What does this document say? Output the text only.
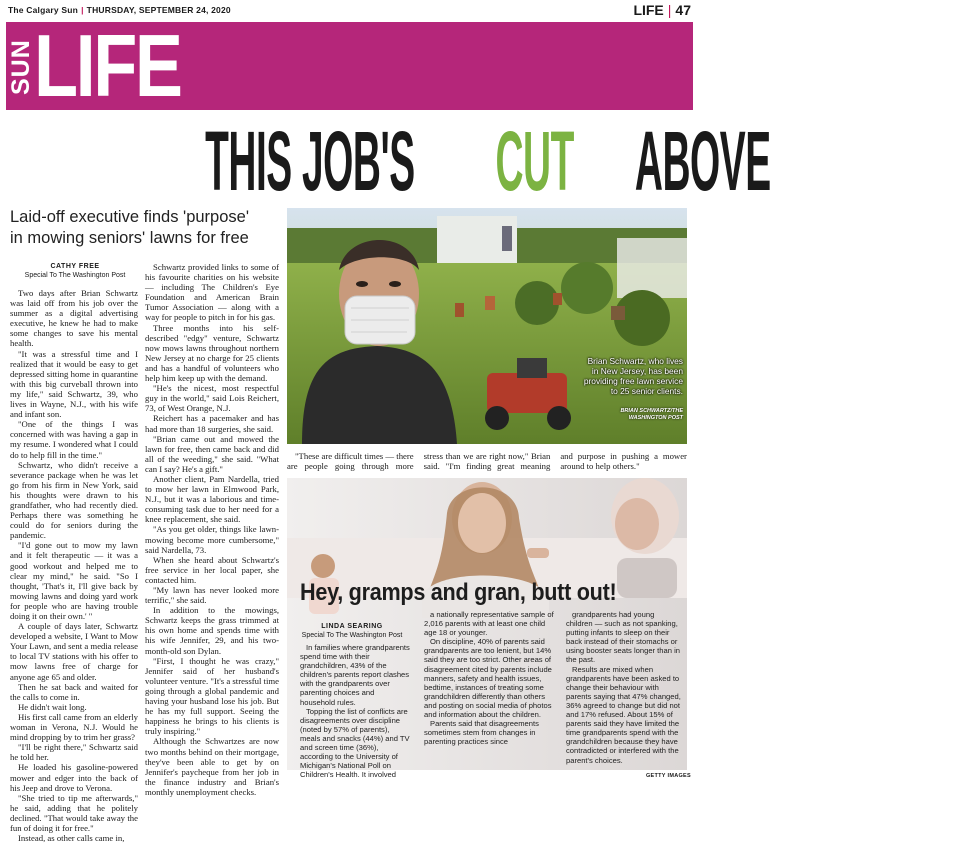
The Calgary Sun | THURSDAY, SEPTEMBER 24, 2020	LIFE | 47
SUN LIFE
THIS JOB'S CUT ABOVE
Laid-off executive finds 'purpose'
in mowing seniors' lawns for free
CATHY FREE
Special To The Washington Post

Two days after Brian Schwartz was laid off from his job over the summer as a digital advertising executive, he knew he had to make some changes to save his mental health.

"It was a stressful time and I realized that it would be easy to get depressed sitting home in quarantine with this big curveball thrown into my life," said Schwartz, 39, who lives in Wayne, N.J., with his wife and infant son.

"One of the things I was concerned with was having a gap in my resume. I wondered what I could do to help fill in the time."

Schwartz, who didn't receive a severance package when he was let go from his firm in New York, said his thoughts were drawn to his grandfather, who had recently died. Perhaps there was something he could do for seniors during the pandemic.

"I'd gone out to mow my lawn and it felt therapeutic — it was a good workout and helped me to clear my mind," he said. "So I thought, 'That's it, I'll give back by mowing lawns and doing yard work for people who are having trouble doing it on their own.' "

A couple of days later, Schwartz developed a website, I Want to Mow Your Lawn, and sent a media release to local TV stations with his offer to mow lawns free of charge for anyone age 65 and older.

Then he sat back and waited for the calls to come in.

He didn't wait long.

His first call came from an elderly woman in Verona, N.J. Would he mind dropping by to trim her grass?

"I'll be right there," Schwartz said he told her.

He loaded his gasoline-powered mower and edger into the back of his Jeep and drove to Verona.

"She tried to tip me afterwards," he said, adding that he politely declined. "That would take away the fun of doing it for free."

Instead, as other calls came in,

Schwartz provided links to some of his favourite charities on his website — including The Children's Eye Foundation and American Brain Tumor Association — along with a way for people to pitch in for his gas.

Three months into his self-described "edgy" venture, Schwartz now mows lawns throughout northern New Jersey at no charge for 25 clients and has a handful of volunteers who help him keep up with the demand.

"He's the nicest, most respectful guy in the world," said Lois Reichert, 73, of West Orange, N.J.

Reichert has a pacemaker and has had more than 18 surgeries, she said.

"Brian came out and mowed the lawn for free, then came back and did all of the weeding," she said. "What can I say? He's a gift."

Another client, Pam Nardella, tried to mow her lawn in Elmwood Park, N.J., but it was a laborious and time-consuming task due to her need for a knee replacement, she said.

"As you get older, things like lawn-mowing become more cumbersome," said Nardella, 73.

When she heard about Schwartz's free service in her local paper, she contacted him.

"My lawn has never looked more terrific," she said.

In addition to the mowings, Schwartz keeps the grass trimmed at his own home and spends time with his wife Jennifer, 29, and his two-month-old son Dylan.

"First, I thought he was crazy," Jennifer said of her husband's volunteer venture. "It's a stressful time going through a global pandemic and having your husband lose his job. But he has my full support. Seeing the happiness he brings to his clients is truly inspiring."

Although the Schwartzes are now two months behind on their mortgage, they've been able to get by on Jennifer's paycheque from her job in the finance industry and Brian's monthly unemployment checks.

Brian Schwartz, who lives in New Jersey, has been providing free lawn service to 25 senior clients.
BRIAN SCHWARTZ/THE WASHINGTON POST

"These are difficult times — there are people going through more stress than we are right now," Brian said. "I'm finding great meaning and purpose in pushing a mower around to help others."

Hey, gramps and gran, butt out!
LINDA SEARING
Special To The Washington Post

In families where grandparents spend time with their grandchildren, 43% of the children's parents report clashes with the grandparents over parenting choices and household rules.

Topping the list of conflicts are disagreements over discipline (noted by 57% of parents), meals and snacks (44%) and TV and screen time (36%), according to the University of Michigan's National Poll on Children's Health. It involved

a nationally representative sample of 2,016 parents with at least one child age 18 or younger.

On discipline, 40% of parents said grandparents are too lenient, but 14% said they are too strict. Other areas of disagreement cited by parents include manners, safety and health issues, bedtime, instances of treating some grandchildren differently than others and posting on social media of photos and information about the children.

Parents said that disagreements sometimes stem from changes in parenting practices since

grandparents had young children — such as not spanking, putting infants to sleep on their back instead of their stomachs or using booster seats longer than in the past.

Results are mixed when grandparents have been asked to change their behaviour with parents saying that 47% changed, 36% agreed to change but did not and 17% refused. About 15% of parents said they have limited the time grandparents spend with the grandchildren because they have contradicted or interfered with the parent's choices.

GETTY IMAGES
